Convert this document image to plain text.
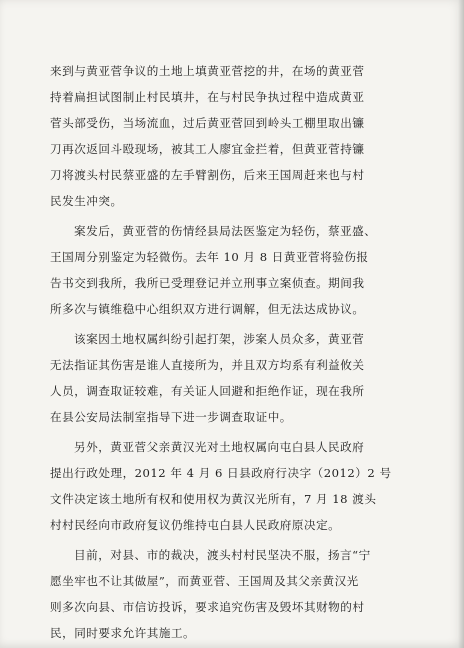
来到与黄亚菅争议的土地上填黄亚菅挖的井，在场的黄亚菅
持着扁担试图制止村民填井，在与村民争执过程中造成黄亚
菅头部受伤，当场流血，过后黄亚菅回到岭头工棚里取出镰
刀再次返回斗殴现场，被其工人廖宜金拦着，但黄亚菅持镰
刀将渡头村民蔡亚盛的左手臂割伤，后来王国周赶来也与村
民发生冲突。
案发后，黄亚菅的伤情经县局法医鉴定为轻伤，蔡亚盛、
王国周分别鉴定为轻微伤。去年 10 月 8 日黄亚菅将验伤报
告书交到我所，我所已受理登记并立刑事立案侦查。期间我
所多次与镇维稳中心组织双方进行调解，但无法达成协议。
该案因土地权属纠纷引起打架，涉案人员众多，黄亚菅
无法指证其伤害是谁人直接所为，并且双方均系有利益攸关
人员，调查取证较难，有关证人回避和拒绝作证，现在我所
在县公安局法制室指导下进一步调查取证中。
另外，黄亚菅父亲黄汉光对土地权属向屯白县人民政府
提出行政处理，2012 年 4 月 6 日县政府行决字（2012）2 号
文件决定该土地所有权和使用权为黄汉光所有，7 月 18 渡头
村村民经向市政府复议仍维持屯白县人民政府原决定。
目前，对县、市的裁决，渡头村村民坚决不服，扬言“宁
愿坐牢也不让其做屋”，而黄亚菅、王国周及其父亲黄汉光
则多次向县、市信访投诉，要求追究伤害及毁坏其财物的村
民，同时要求允许其施工。
